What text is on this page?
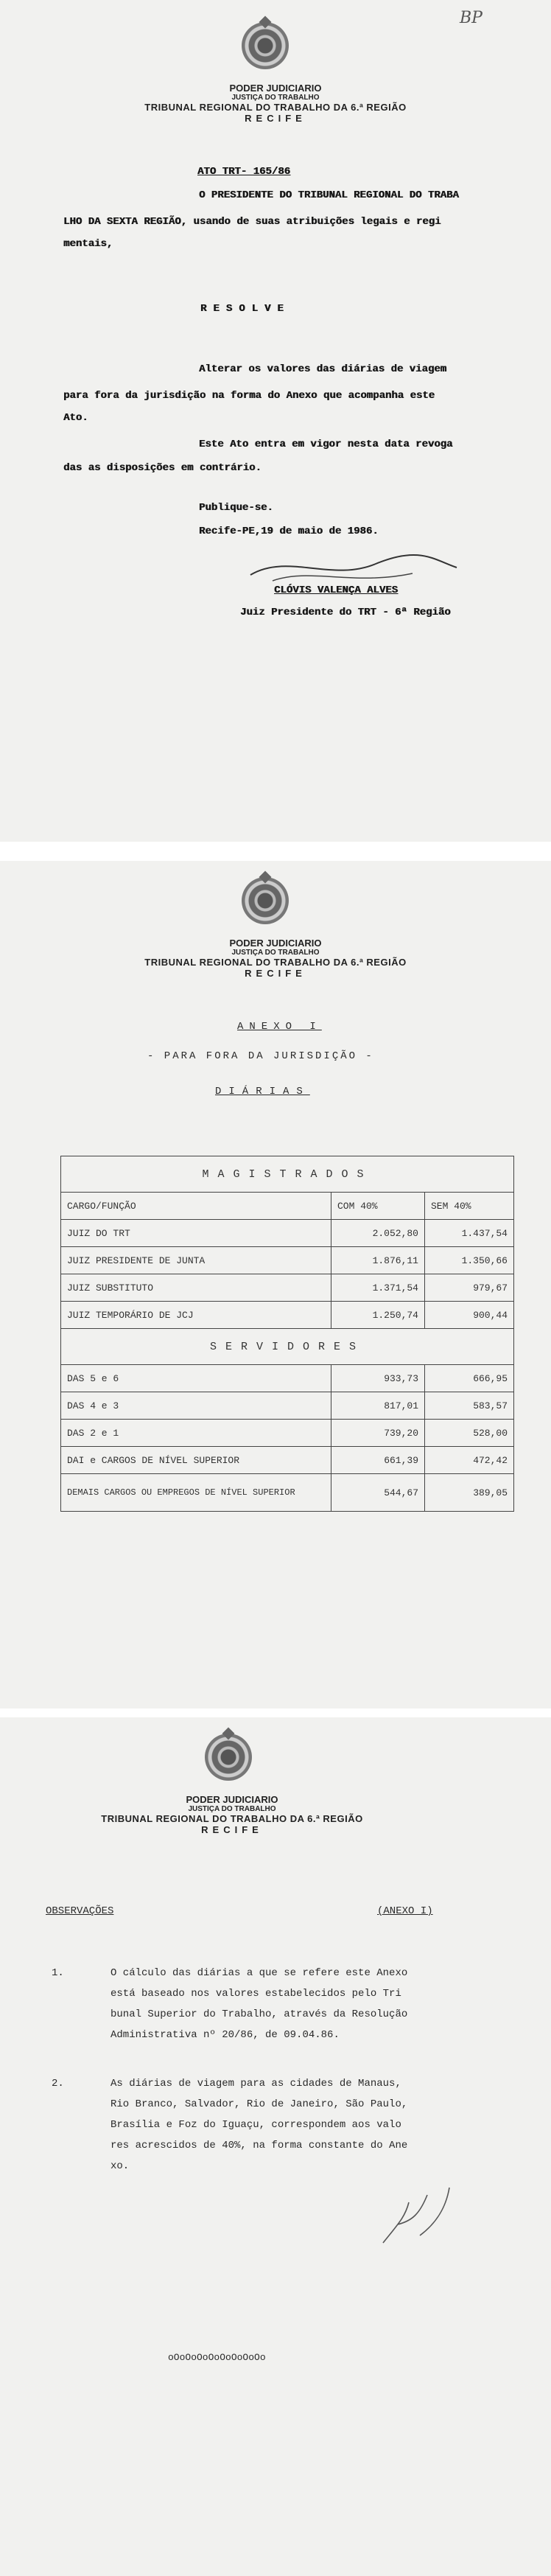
PODER JUDICIARIO
JUSTIÇA DO TRABALHO
TRIBUNAL REGIONAL DO TRABALHO DA 6.ª REGIÃO
RECIFE
BP
ATO TRT- 165/86
O PRESIDENTE DO TRIBUNAL REGIONAL DO TRABA
LHO DA SEXTA REGIÃO, usando de suas atribuições legais e regi
mentais,
RESOLVE
Alterar os valores das diárias de viagem
para fora da jurisdição na forma do Anexo que acompanha este
Ato.
Este Ato entra em vigor nesta data revoga
das as disposições em contrário.
Publique-se.
Recife-PE,19 de maio de 1986.
CLÓVIS VALENÇA ALVES
Juiz Presidente do TRT - 6ª Região
PODER JUDICIARIO
JUSTIÇA DO TRABALHO
TRIBUNAL REGIONAL DO TRABALHO DA 6.ª REGIÃO
RECIFE
ANEXO I
- PARA FORA DA JURISDIÇÃO -
DIÁRIAS
MAGISTRADOS		
CARGO/FUNÇÃO	COM 40%	SEM 40%
JUIZ DO TRT	2.052,80	1.437,54
JUIZ PRESIDENTE DE JUNTA	1.876,11	1.350,66
JUIZ SUBSTITUTO	1.371,54	979,67
JUIZ TEMPORÁRIO DE JCJ	1.250,74	900,44
SERVIDORES		
DAS 5 e 6	933,73	666,95
DAS 4 e 3	817,01	583,57
DAS 2 e 1	739,20	528,00
DAI e CARGOS DE NÍVEL SUPERIOR	661,39	472,42
DEMAIS CARGOS OU EMPREGOS DE NÍVEL SUPERIOR	544,67	389,05
PODER JUDICIARIO
JUSTIÇA DO TRABALHO
TRIBUNAL REGIONAL DO TRABALHO DA 6.ª REGIÃO
RECIFE
OBSERVAÇÕES	(ANEXO I)
1.	O cálculo das diárias a que se refere este Anexo
está baseado nos valores estabelecidos pelo Tri
bunal Superior do Trabalho, através da Resolução
Administrativa nº 20/86, de 09.04.86.
2.	As diárias de viagem para as cidades de Manaus,
Rio Branco, Salvador, Rio de Janeiro, São Paulo,
Brasília e Foz do Iguaçu, correspondem aos valo
res acrescidos de 40%, na forma constante do Ane
xo.
oOoOoOoOoOoOoOoOo
